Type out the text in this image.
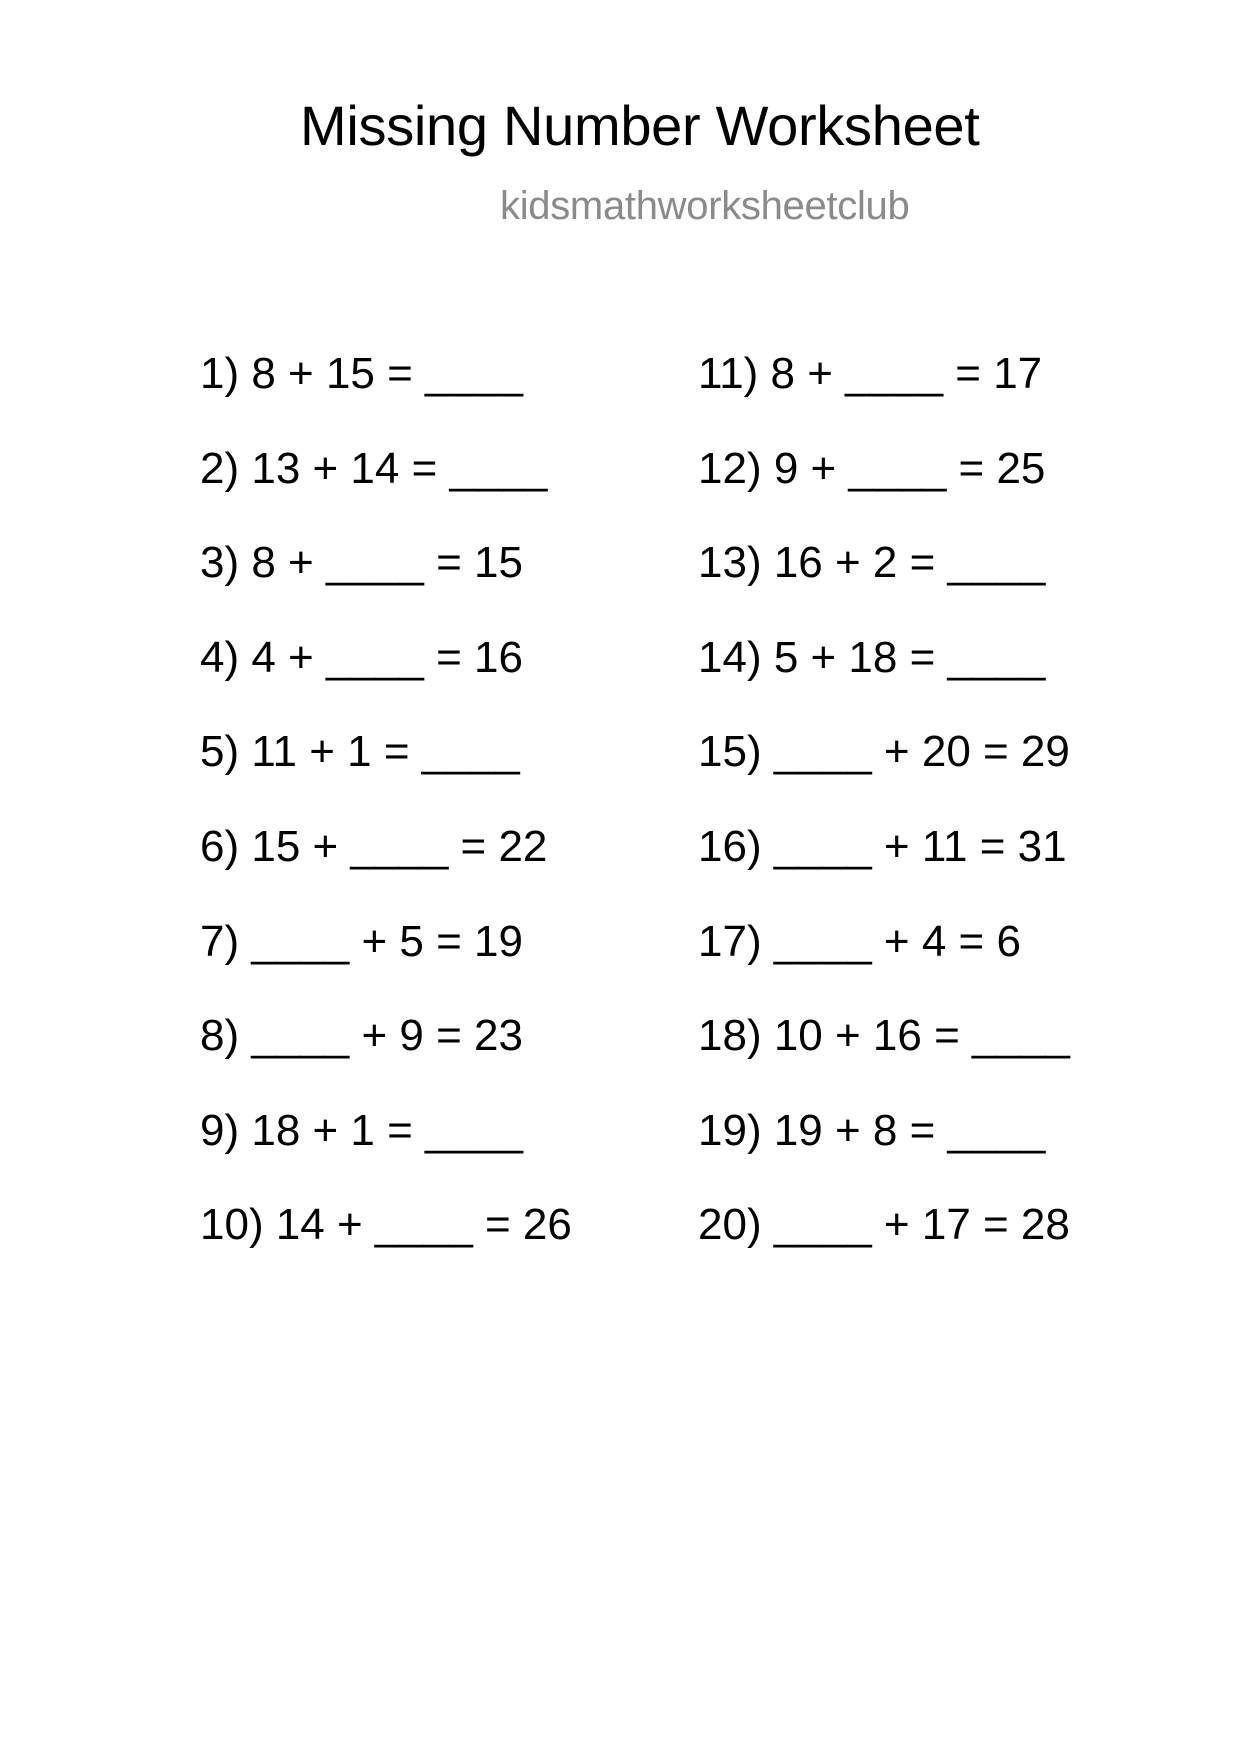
Missing Number Worksheet
kidsmathworksheetclub
1) 8 + 15 = ____
2) 13 + 14 = ____
3) 8 + ____ = 15
4) 4 + ____ = 16
5) 11 + 1 = ____
6) 15 + ____ = 22
7) ____ + 5 = 19
8) ____ + 9 = 23
9) 18 + 1 = ____
10) 14 + ____ = 26
11) 8 + ____ = 17
12) 9 + ____ = 25
13) 16 + 2 = ____
14) 5 + 18 = ____
15) ____ + 20 = 29
16) ____ + 11 = 31
17) ____ + 4 = 6
18) 10 + 16 = ____
19) 19 + 8 = ____
20) ____ + 17 = 28
